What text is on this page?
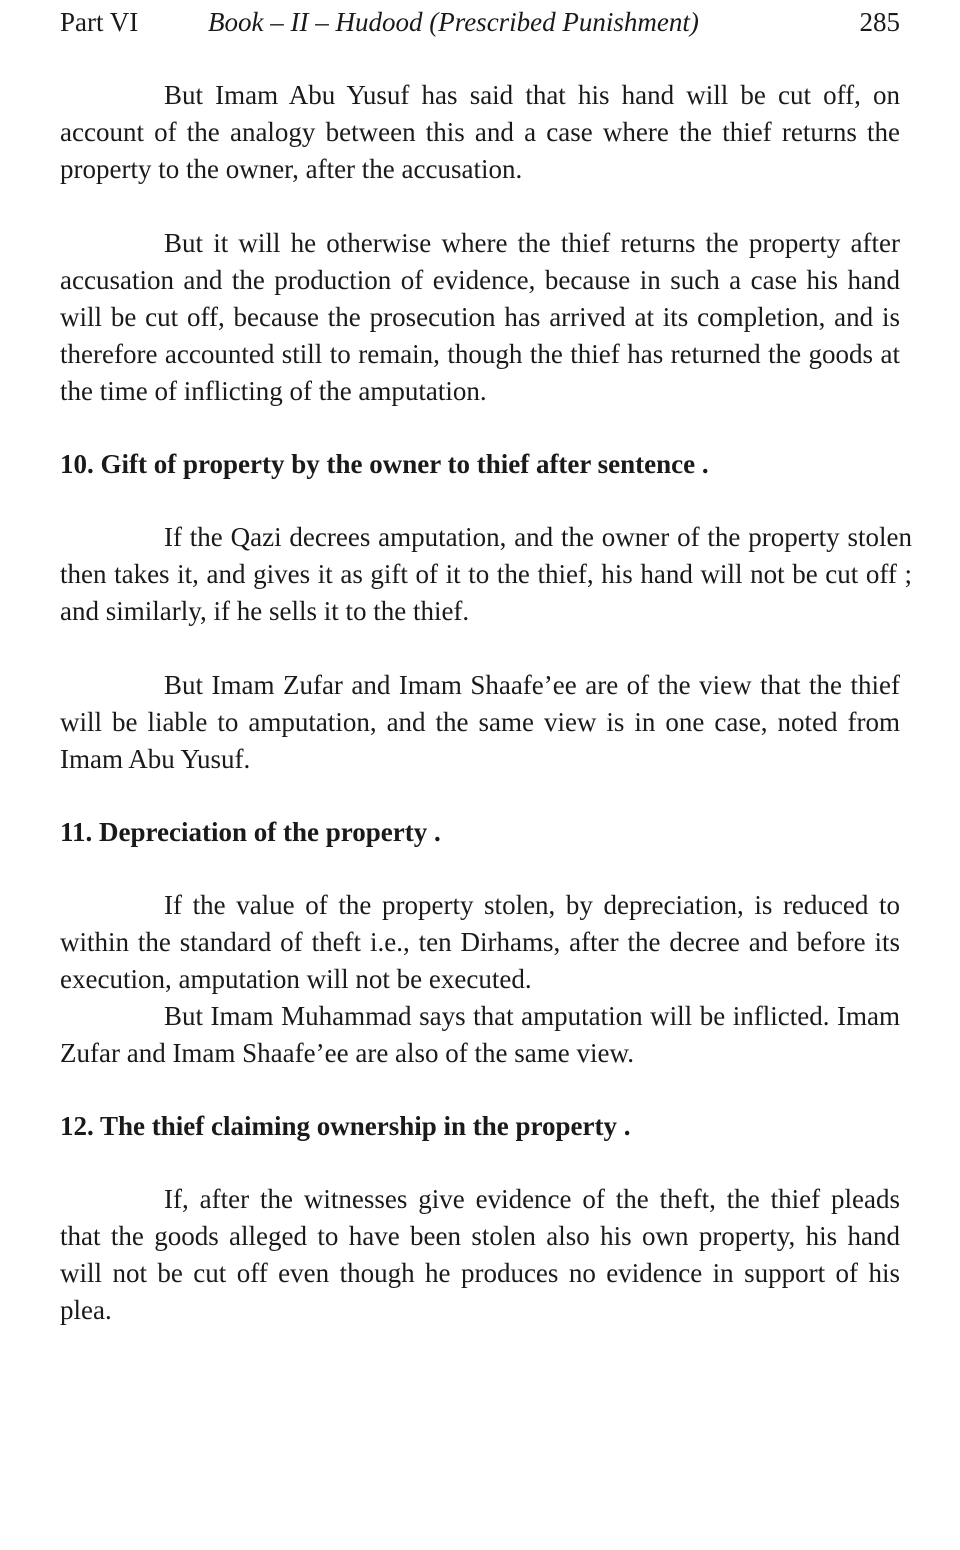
Part VI	Book – II – Hudood (Prescribed Punishment)	285

But Imam Abu Yusuf has said that his hand will be cut off, on account of the analogy between this and a case where the thief returns the property to the owner, after the accusation.

But it will he otherwise where the thief returns the property after accusation and the production of evidence, because in such a case his hand will be cut off, because the prosecution has arrived at its completion, and is therefore accounted still to remain, though the thief has returned the goods at the time of inflicting of the amputation.

10. Gift of property by the owner to thief after sentence .

If the Qazi decrees amputation, and the owner of the property stolen then takes it, and gives it as gift of it to the thief, his hand will not be cut off ; and similarly, if he sells it to the thief.

But Imam Zufar and Imam Shaafe’ee are of the view that the thief will be liable to amputation, and the same view is in one case, noted from Imam Abu Yusuf.

11. Depreciation of the property .

If the value of the property stolen, by depreciation, is reduced to within the standard of theft i.e., ten Dirhams, after the decree and before its execution, amputation will not be executed.

But Imam Muhammad says that amputation will be inflicted. Imam Zufar and Imam Shaafe’ee are also of the same view.

12. The thief claiming ownership in the property .

If, after the witnesses give evidence of the theft, the thief pleads that the goods alleged to have been stolen also his own property, his hand will not be cut off even though he produces no evidence in support of his plea.
